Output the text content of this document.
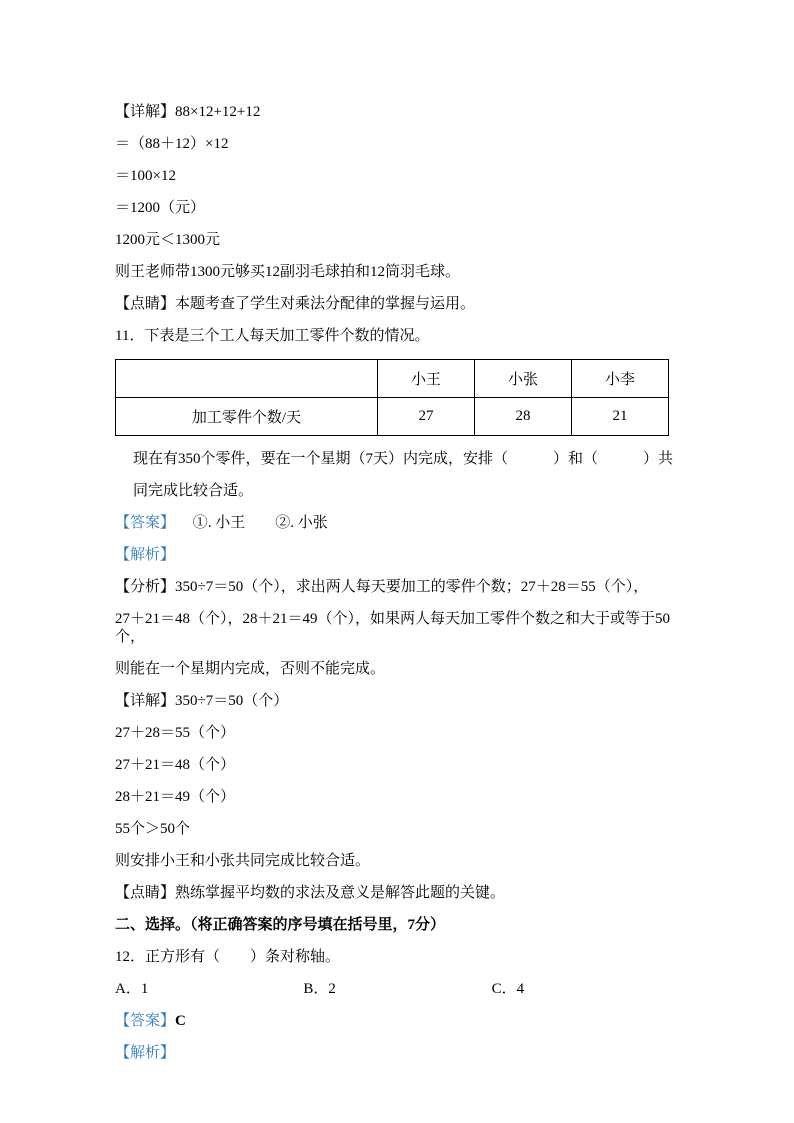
【详解】88×12+12+12

＝（88＋12）×12

＝100×12

＝1200（元）

1200元＜1300元

则王老师带1300元够买12副羽毛球拍和12筒羽毛球。

【点睛】本题考查了学生对乘法分配律的掌握与运用。

11．下表是三个工人每天加工零件个数的情况。

	小王	小张	小李
加工零件个数/天	27	28	21

现在有350个零件，要在一个星期（7天）内完成，安排（　　　）和（　　　）共

同完成比较合适。

【答案】 ①. 小王　　②. 小张

【解析】

【分析】350÷7＝50（个），求出两人每天要加工的零件个数；27＋28＝55（个），

27＋21＝48（个），28＋21＝49（个），如果两人每天加工零件个数之和大于或等于50个，

则能在一个星期内完成，否则不能完成。

【详解】350÷7＝50（个）

27＋28＝55（个）

27＋21＝48（个）

28＋21＝49（个）

55个＞50个

则安排小王和小张共同完成比较合适。

【点睛】熟练掌握平均数的求法及意义是解答此题的关键。

二、选择。（将正确答案的序号填在括号里，7分）

12．正方形有（　　）条对称轴。

A．1	B．2	C．4

【答案】C

【解析】
